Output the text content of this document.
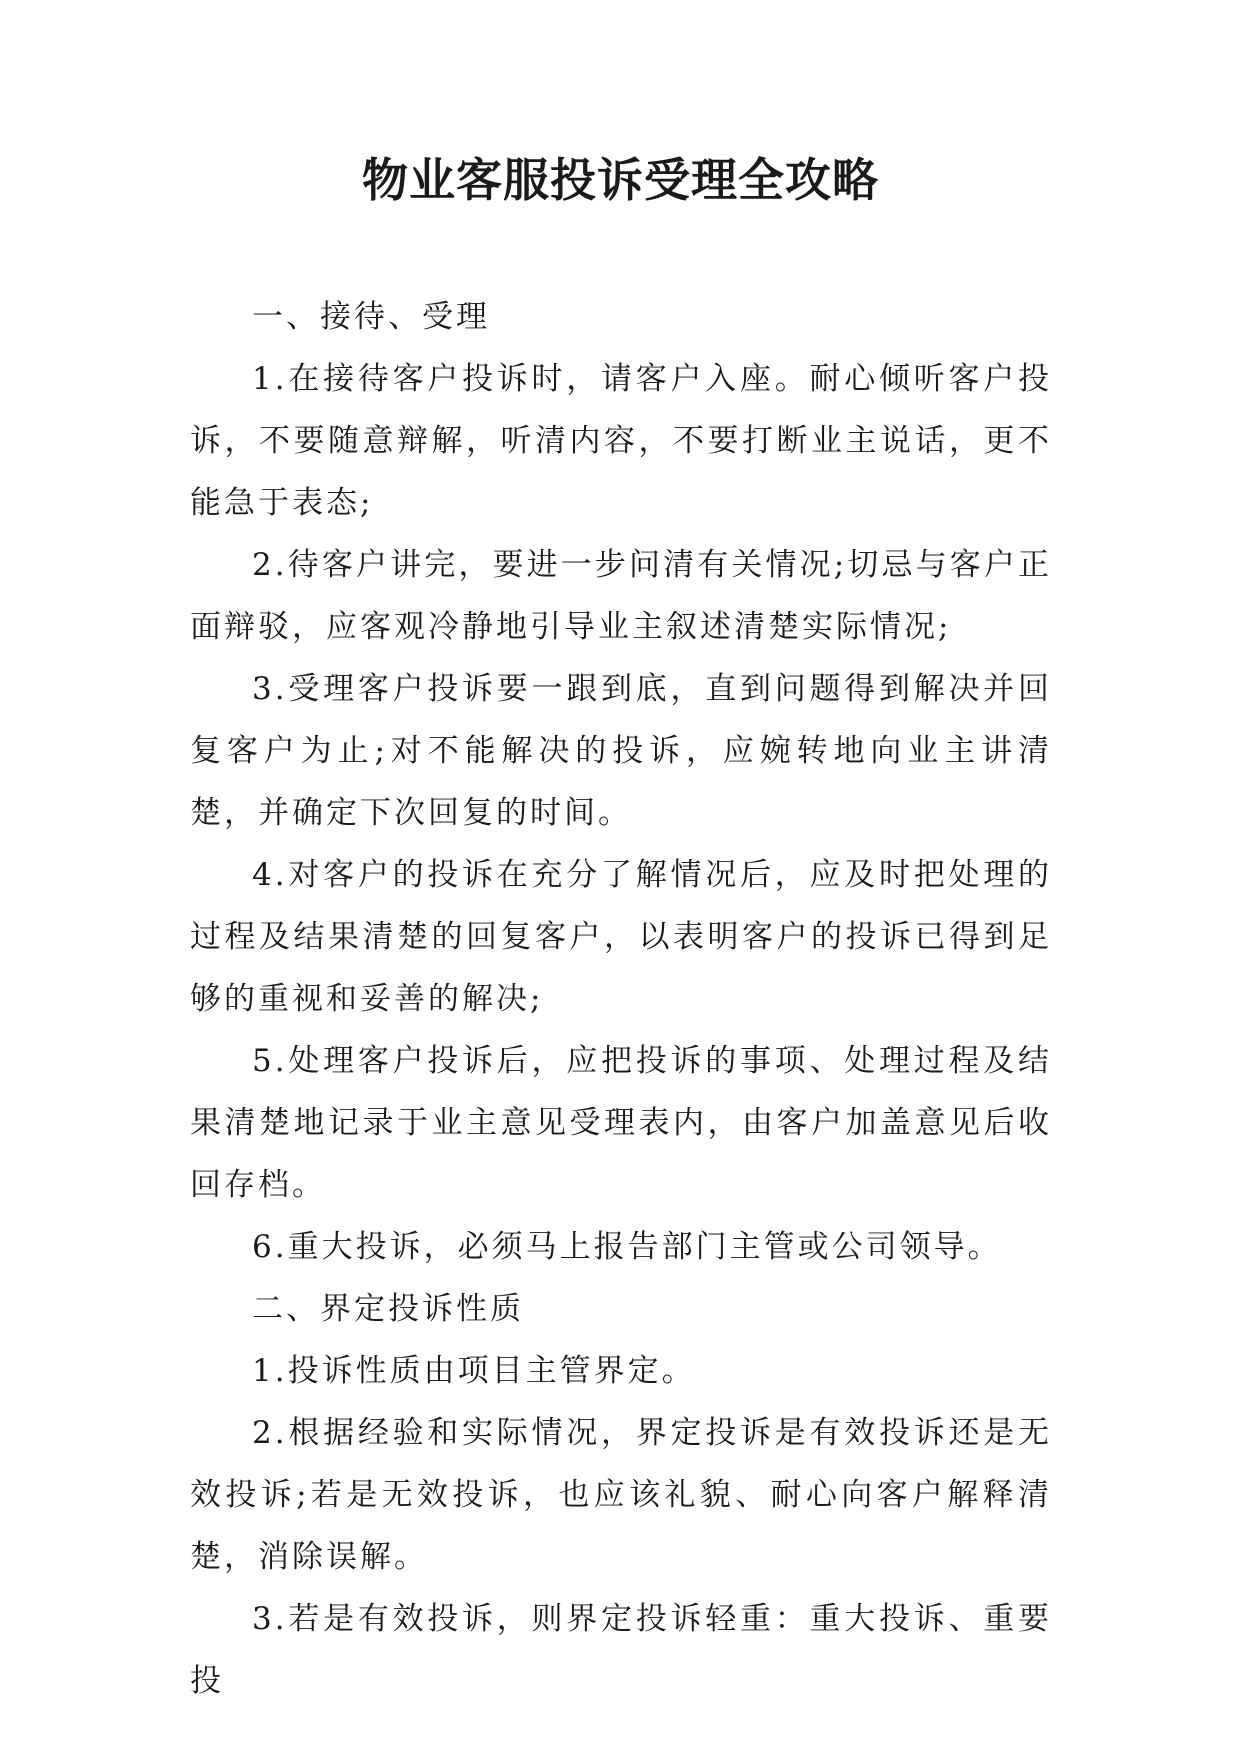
物业客服投诉受理全攻略

一、接待、受理

1.在接待客户投诉时，请客户入座。耐心倾听客户投诉，不要随意辩解，听清内容，不要打断业主说话，更不能急于表态;

2.待客户讲完，要进一步问清有关情况;切忌与客户正面辩驳，应客观冷静地引导业主叙述清楚实际情况;

3.受理客户投诉要一跟到底，直到问题得到解决并回复客户为止;对不能解决的投诉，应婉转地向业主讲清楚，并确定下次回复的时间。

4.对客户的投诉在充分了解情况后，应及时把处理的过程及结果清楚的回复客户，以表明客户的投诉已得到足够的重视和妥善的解决;

5.处理客户投诉后，应把投诉的事项、处理过程及结果清楚地记录于业主意见受理表内，由客户加盖意见后收回存档。

6.重大投诉，必须马上报告部门主管或公司领导。

二、界定投诉性质

1.投诉性质由项目主管界定。

2.根据经验和实际情况，界定投诉是有效投诉还是无效投诉;若是无效投诉，也应该礼貌、耐心向客户解释清楚，消除误解。

3.若是有效投诉，则界定投诉轻重：重大投诉、重要投
